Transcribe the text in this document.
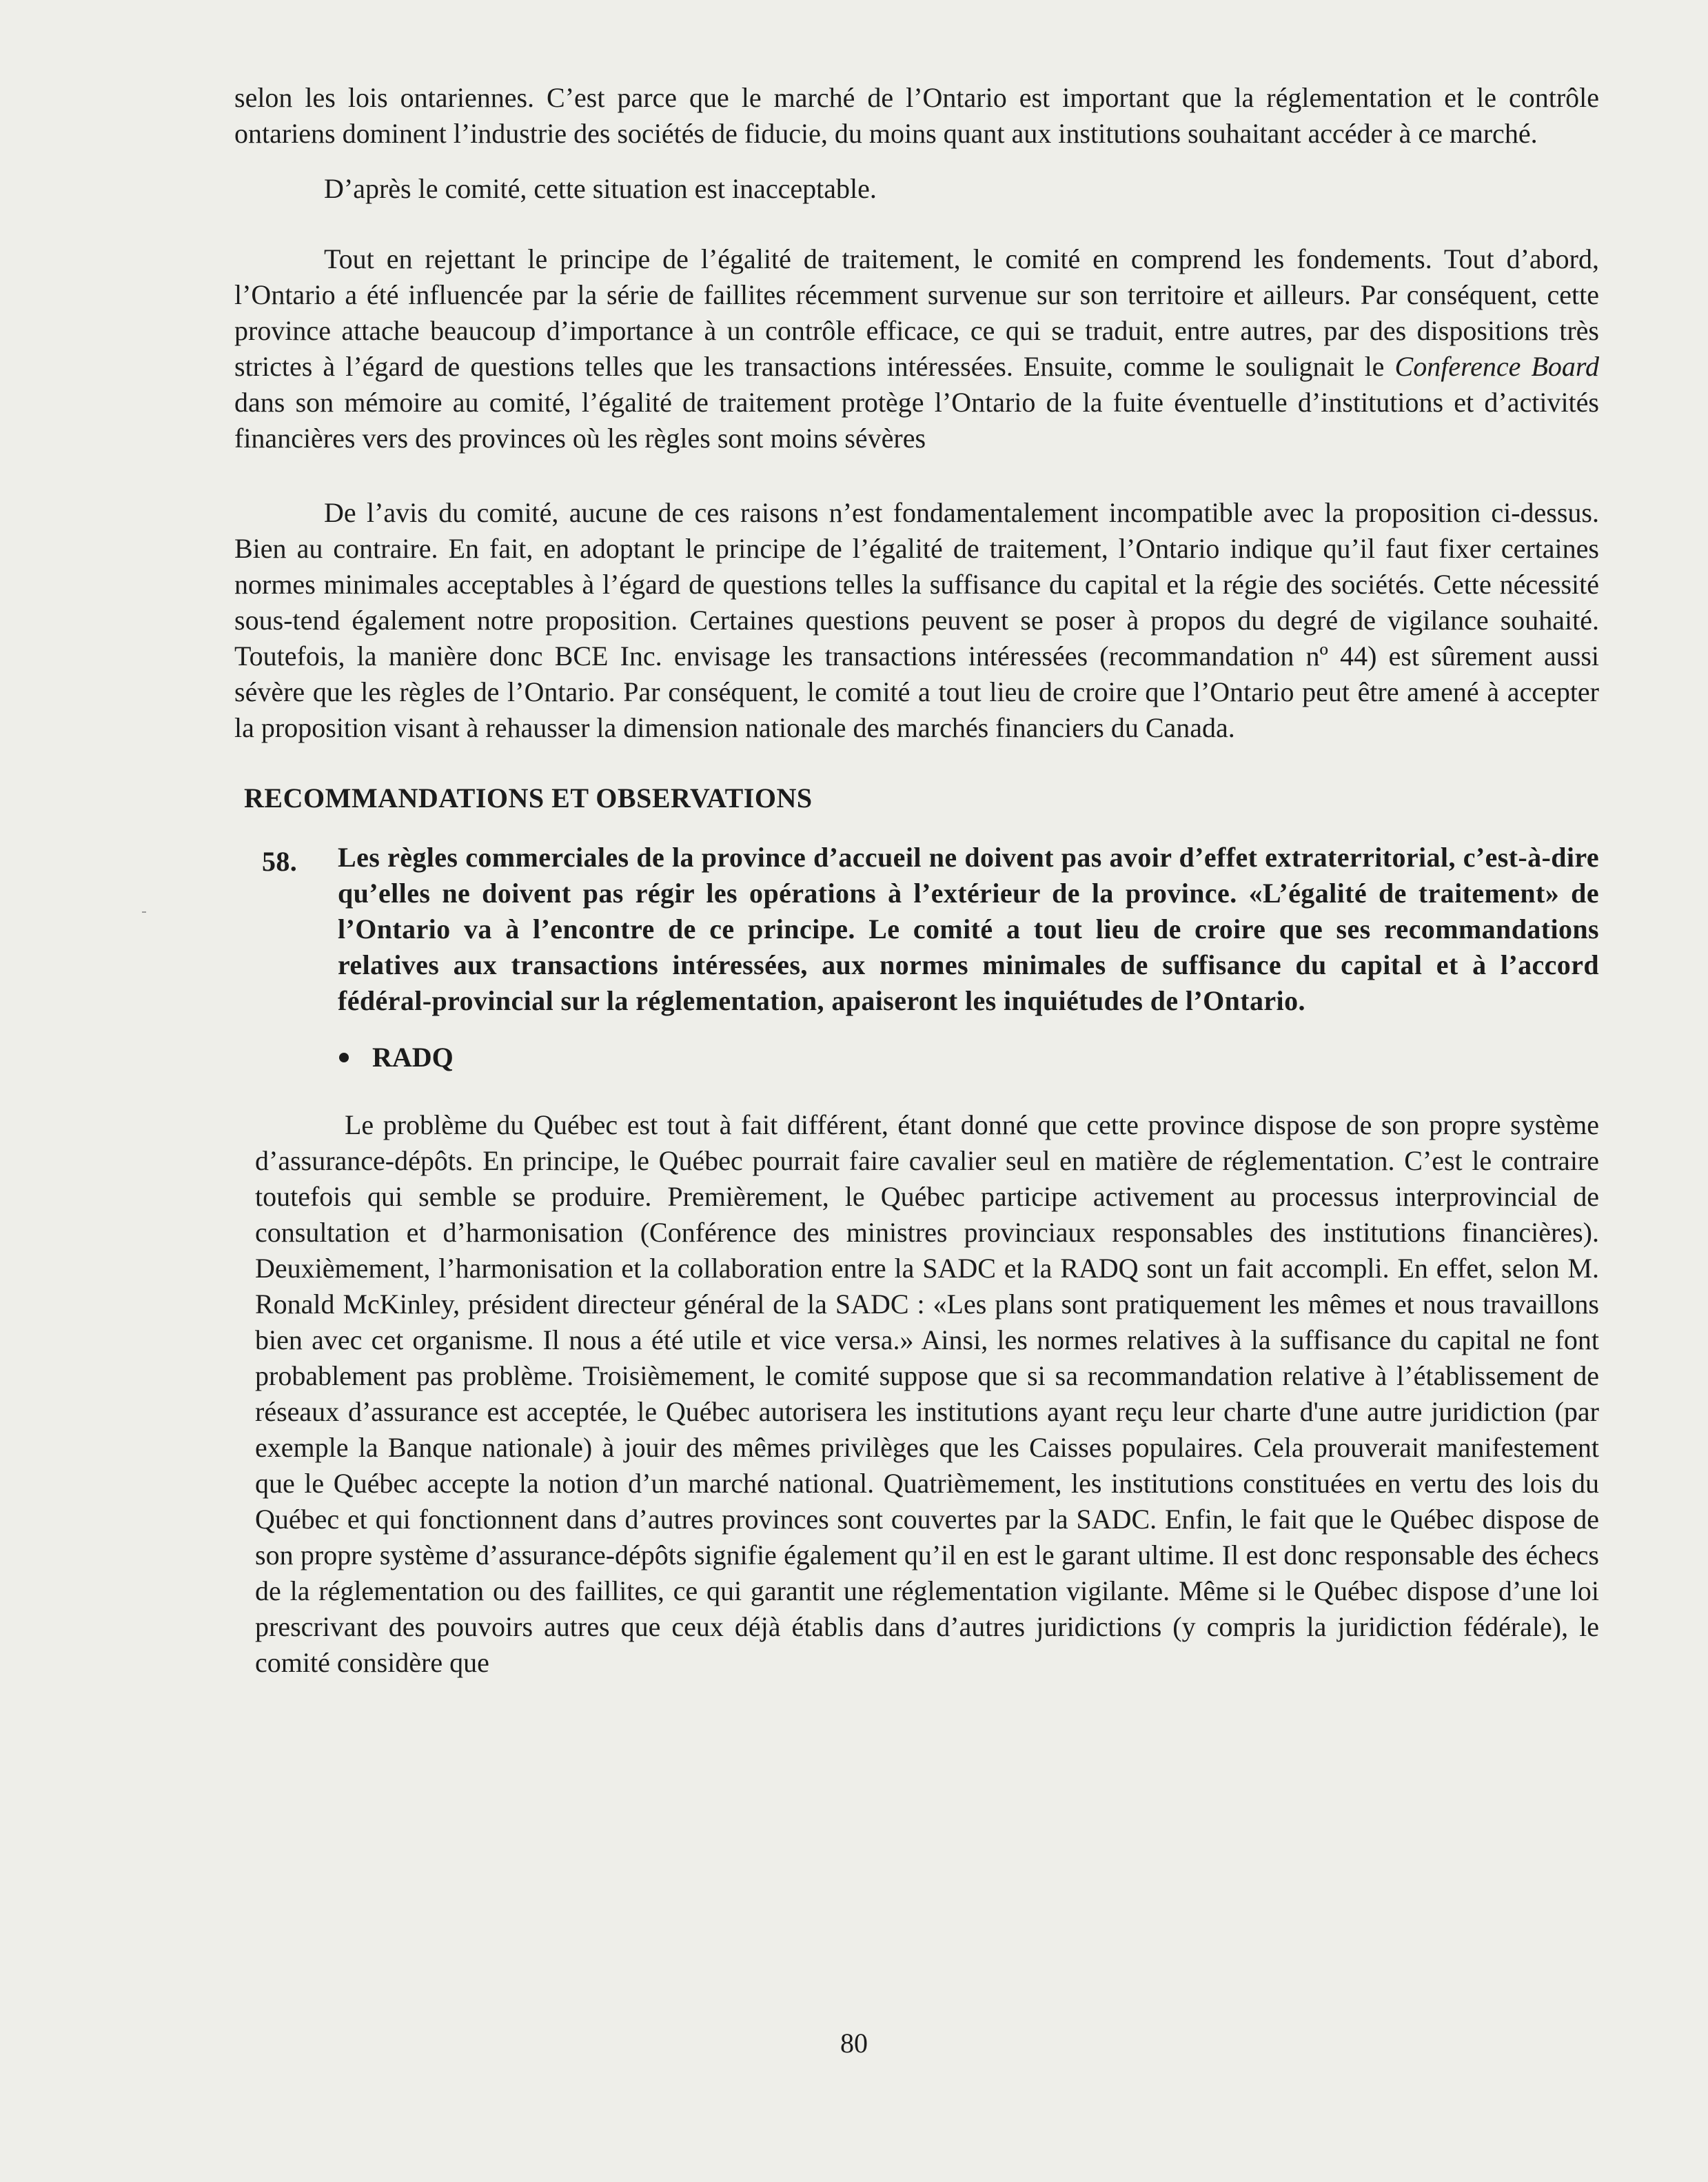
selon les lois ontariennes. C’est parce que le marché de l’Ontario est important que la réglementation et le contrôle ontariens dominent l’industrie des sociétés de fiducie, du moins quant aux institutions souhaitant accéder à ce marché.

D’après le comité, cette situation est inacceptable.

Tout en rejettant le principe de l’égalité de traitement, le comité en comprend les fondements. Tout d’abord, l’Ontario a été influencée par la série de faillites récemment survenue sur son territoire et ailleurs. Par conséquent, cette province attache beaucoup d’importance à un contrôle efficace, ce qui se traduit, entre autres, par des dispositions très strictes à l’égard de questions telles que les transactions intéressées. Ensuite, comme le soulignait le Conference Board dans son mémoire au comité, l’égalité de traitement protège l’Ontario de la fuite éventuelle d’institutions et d’activités financières vers des provinces où les règles sont moins sévères

De l’avis du comité, aucune de ces raisons n’est fondamentalement incompatible avec la proposition ci-dessus. Bien au contraire. En fait, en adoptant le principe de l’égalité de traitement, l’Ontario indique qu’il faut fixer certaines normes minimales acceptables à l’égard de questions telles la suffisance du capital et la régie des sociétés. Cette nécessité sous-tend également notre proposition. Certaines questions peuvent se poser à propos du degré de vigilance souhaité. Toutefois, la manière donc BCE Inc. envisage les transactions intéressées (recommandation nº 44) est sûrement aussi sévère que les règles de l’Ontario. Par conséquent, le comité a tout lieu de croire que l’Ontario peut être amené à accepter la proposition visant à rehausser la dimension nationale des marchés financiers du Canada.

RECOMMANDATIONS ET OBSERVATIONS
58. Les règles commerciales de la province d’accueil ne doivent pas avoir d’effet extraterritorial, c’est-à-dire qu’elles ne doivent pas régir les opérations à l’extérieur de la province. «L’égalité de traitement» de l’Ontario va à l’encontre de ce principe. Le comité a tout lieu de croire que ses recommandations relatives aux transactions intéressées, aux normes minimales de suffisance du capital et à l’accord fédéral-provincial sur la réglementation, apaiseront les inquiétudes de l’Ontario.
RADQ

Le problème du Québec est tout à fait différent, étant donné que cette province dispose de son propre système d’assurance-dépôts. En principe, le Québec pourrait faire cavalier seul en matière de réglementation. C’est le contraire toutefois qui semble se produire. Premièrement, le Québec participe activement au processus interprovincial de consultation et d’harmonisation (Conférence des ministres provinciaux responsables des institutions financières). Deuxièmement, l’harmonisation et la collaboration entre la SADC et la RADQ sont un fait accompli. En effet, selon M. Ronald McKinley, président directeur général de la SADC : «Les plans sont pratiquement les mêmes et nous travaillons bien avec cet organisme. Il nous a été utile et vice versa.» Ainsi, les normes relatives à la suffisance du capital ne font probablement pas problème. Troisièmement, le comité suppose que si sa recommandation relative à l’établissement de réseaux d’assurance est acceptée, le Québec autorisera les institutions ayant reçu leur charte d'une autre juridiction (par exemple la Banque nationale) à jouir des mêmes privilèges que les Caisses populaires. Cela prouverait manifestement que le Québec accepte la notion d’un marché national. Quatrièmement, les institutions constituées en vertu des lois du Québec et qui fonctionnent dans d’autres provinces sont couvertes par la SADC. Enfin, le fait que le Québec dispose de son propre système d’assurance-dépôts signifie également qu’il en est le garant ultime. Il est donc responsable des échecs de la réglementation ou des faillites, ce qui garantit une réglementation vigilante. Même si le Québec dispose d’une loi prescrivant des pouvoirs autres que ceux déjà établis dans d’autres juridictions (y compris la juridiction fédérale), le comité considère que

80
